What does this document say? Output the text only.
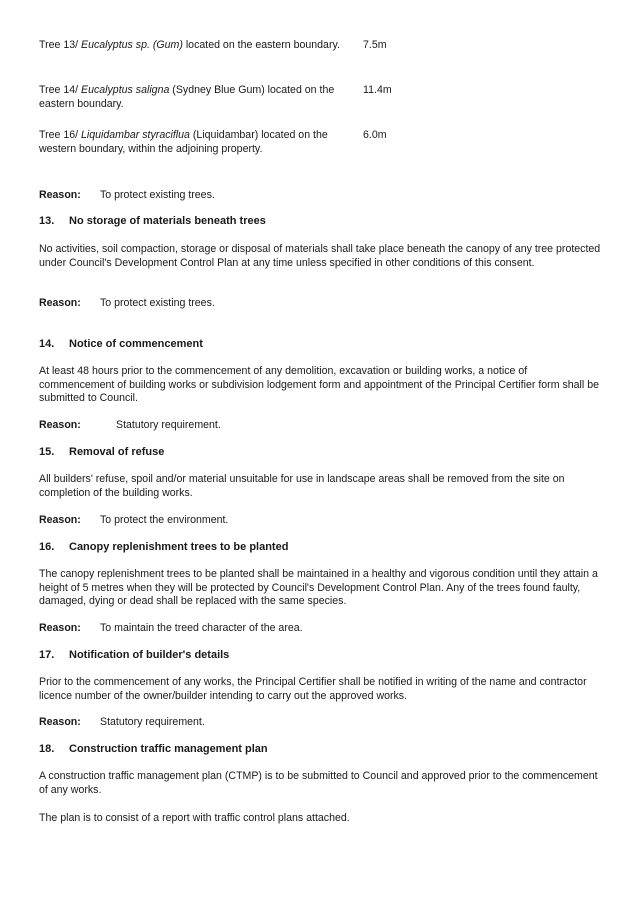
Tree 13/ Eucalyptus sp. (Gum) located on the eastern boundary.	7.5m
Tree 14/ Eucalyptus saligna (Sydney Blue Gum) located on the eastern boundary.
11.4m
Tree 16/ Liquidambar styraciflua (Liquidambar) located on the western boundary, within the adjoining property.
6.0m
Reason: To protect existing trees.
13. No storage of materials beneath trees
No activities, soil compaction, storage or disposal of materials shall take place beneath the canopy of any tree protected under Council's Development Control Plan at any time unless specified in other conditions of this consent.
Reason: To protect existing trees.
14. Notice of commencement
At least 48 hours prior to the commencement of any demolition, excavation or building works, a notice of commencement of building works or subdivision lodgement form and appointment of the Principal Certifier form shall be submitted to Council.
Reason:	Statutory requirement.
15. Removal of refuse
All builders' refuse, spoil and/or material unsuitable for use in landscape areas shall be removed from the site on completion of the building works.
Reason: To protect the environment.
16. Canopy replenishment trees to be planted
The canopy replenishment trees to be planted shall be maintained in a healthy and vigorous condition until they attain a height of 5 metres when they will be protected by Council's Development Control Plan. Any of the trees found faulty, damaged, dying or dead shall be replaced with the same species.
Reason: To maintain the treed character of the area.
17. Notification of builder's details
Prior to the commencement of any works, the Principal Certifier shall be notified in writing of the name and contractor licence number of the owner/builder intending to carry out the approved works.
Reason: Statutory requirement.
18. Construction traffic management plan
A construction traffic management plan (CTMP) is to be submitted to Council and approved prior to the commencement of any works.
The plan is to consist of a report with traffic control plans attached.
